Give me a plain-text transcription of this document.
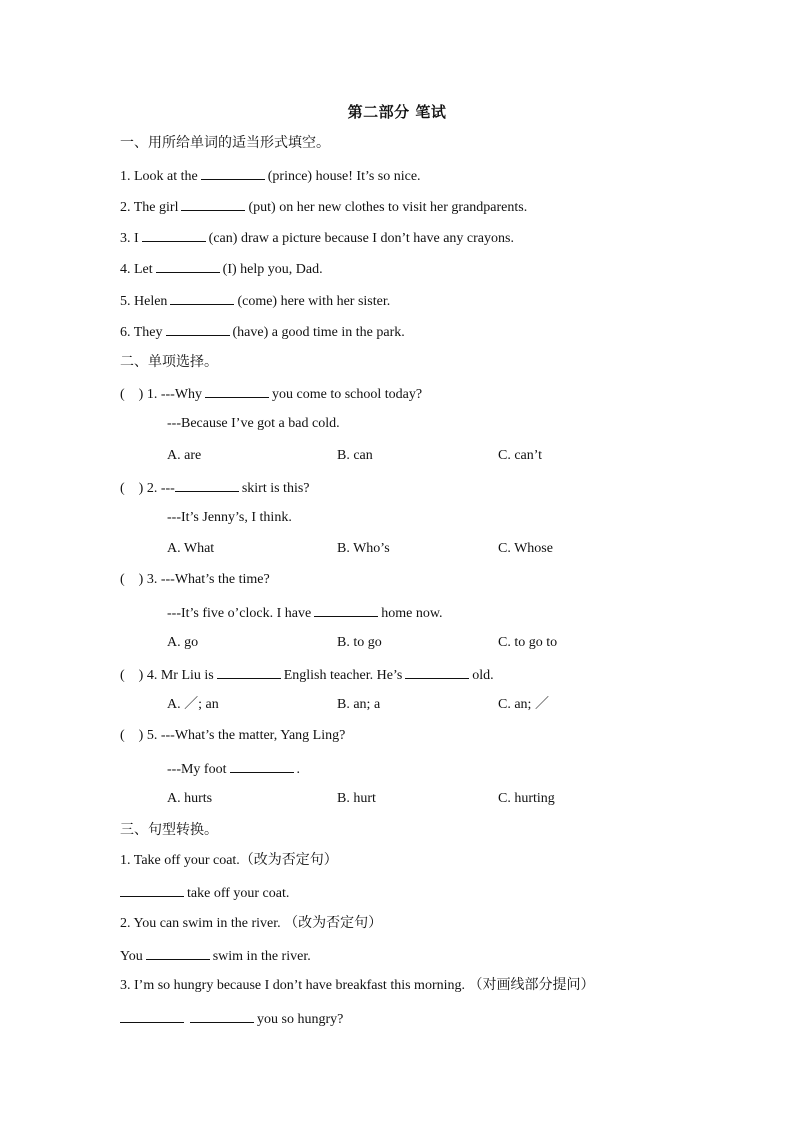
第二部分 笔试
一、用所给单词的适当形式填空。
1. Look at the	(prince) house! It’s so nice.
2. The girl	(put) on her new clothes to visit her grandparents.
3. I	(can) draw a picture because I don’t have any crayons.
4. Let	(I) help you, Dad.
5. Helen	(come) here with her sister.
6. They	(have) a good time in the park.
二、单项选择。
(    ) 1. ---Why	you come to school today?
---Because I’ve got a bad cold.
A. are	B. can	C. can’t
(    ) 2. ---	skirt is this?
---It’s Jenny’s, I think.
A. What	B. Who’s	C. Whose
(    ) 3. ---What’s the time?
---It’s five o’clock. I have	home now.
A. go	B. to go	C. to go to
(    ) 4. Mr Liu is	English teacher. He’s	old.
A. ／; an	B. an; a	C. an; ／
(    ) 5. ---What’s the matter, Yang Ling?
---My foot	.
A. hurts	B. hurt	C. hurting
三、句型转换。
1. Take off your coat.（改为否定句）
take off your coat.
2. You can swim in the river. （改为否定句）
You	swim in the river.
3. I’m so hungry because I don’t have breakfast this morning. （对画线部分提问）
you so hungry?
